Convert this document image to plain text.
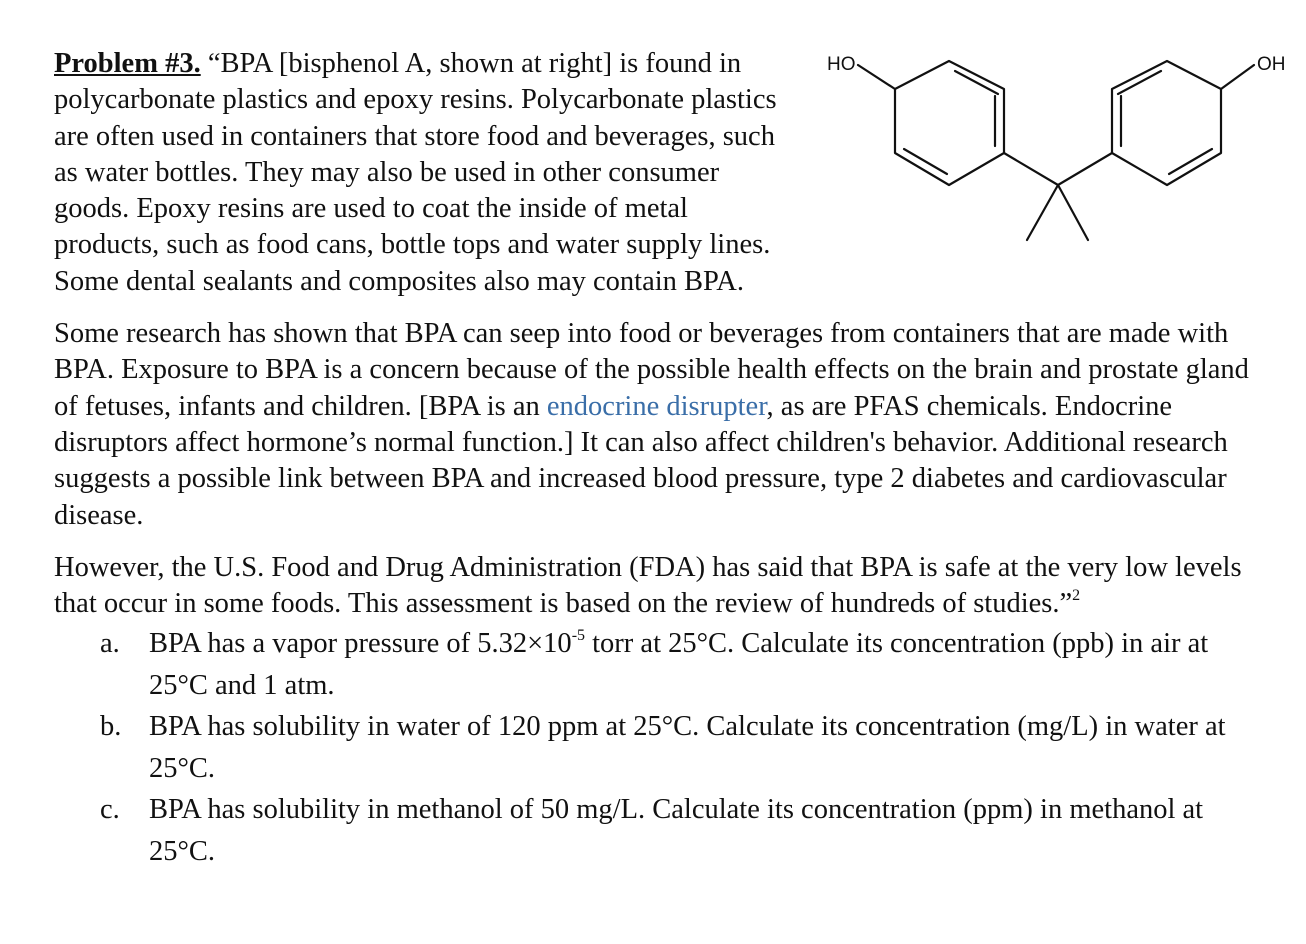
HO	OH

Problem #3. “BPA [bisphenol A, shown at right] is found in polycarbonate plastics and epoxy resins. Polycarbonate plastics are often used in containers that store food and beverages, such as water bottles. They may also be used in other consumer goods. Epoxy resins are used to coat the inside of metal products, such as food cans, bottle tops and water supply lines. Some dental sealants and composites also may contain BPA.

Some research has shown that BPA can seep into food or beverages from containers that are made with BPA. Exposure to BPA is a concern because of the possible health effects on the brain and prostate gland of fetuses, infants and children. [BPA is an endocrine disrupter, as are PFAS chemicals. Endocrine disruptors affect hormone’s normal function.] It can also affect children's behavior. Additional research suggests a possible link between BPA and increased blood pressure, type 2 diabetes and cardiovascular disease.

However, the U.S. Food and Drug Administration (FDA) has said that BPA is safe at the very low levels that occur in some foods. This assessment is based on the review of hundreds of studies.”$^2$

a. BPA has a vapor pressure of $5.32\times 10^{-5}$ torr at 25°C. Calculate its concentration (ppb) in air at 25°C and 1 atm.
b. BPA has solubility in water of 120 ppm at 25°C. Calculate its concentration (mg/L) in water at 25°C.
c. BPA has solubility in methanol of 50 mg/L. Calculate its concentration (ppm) in methanol at 25°C.
